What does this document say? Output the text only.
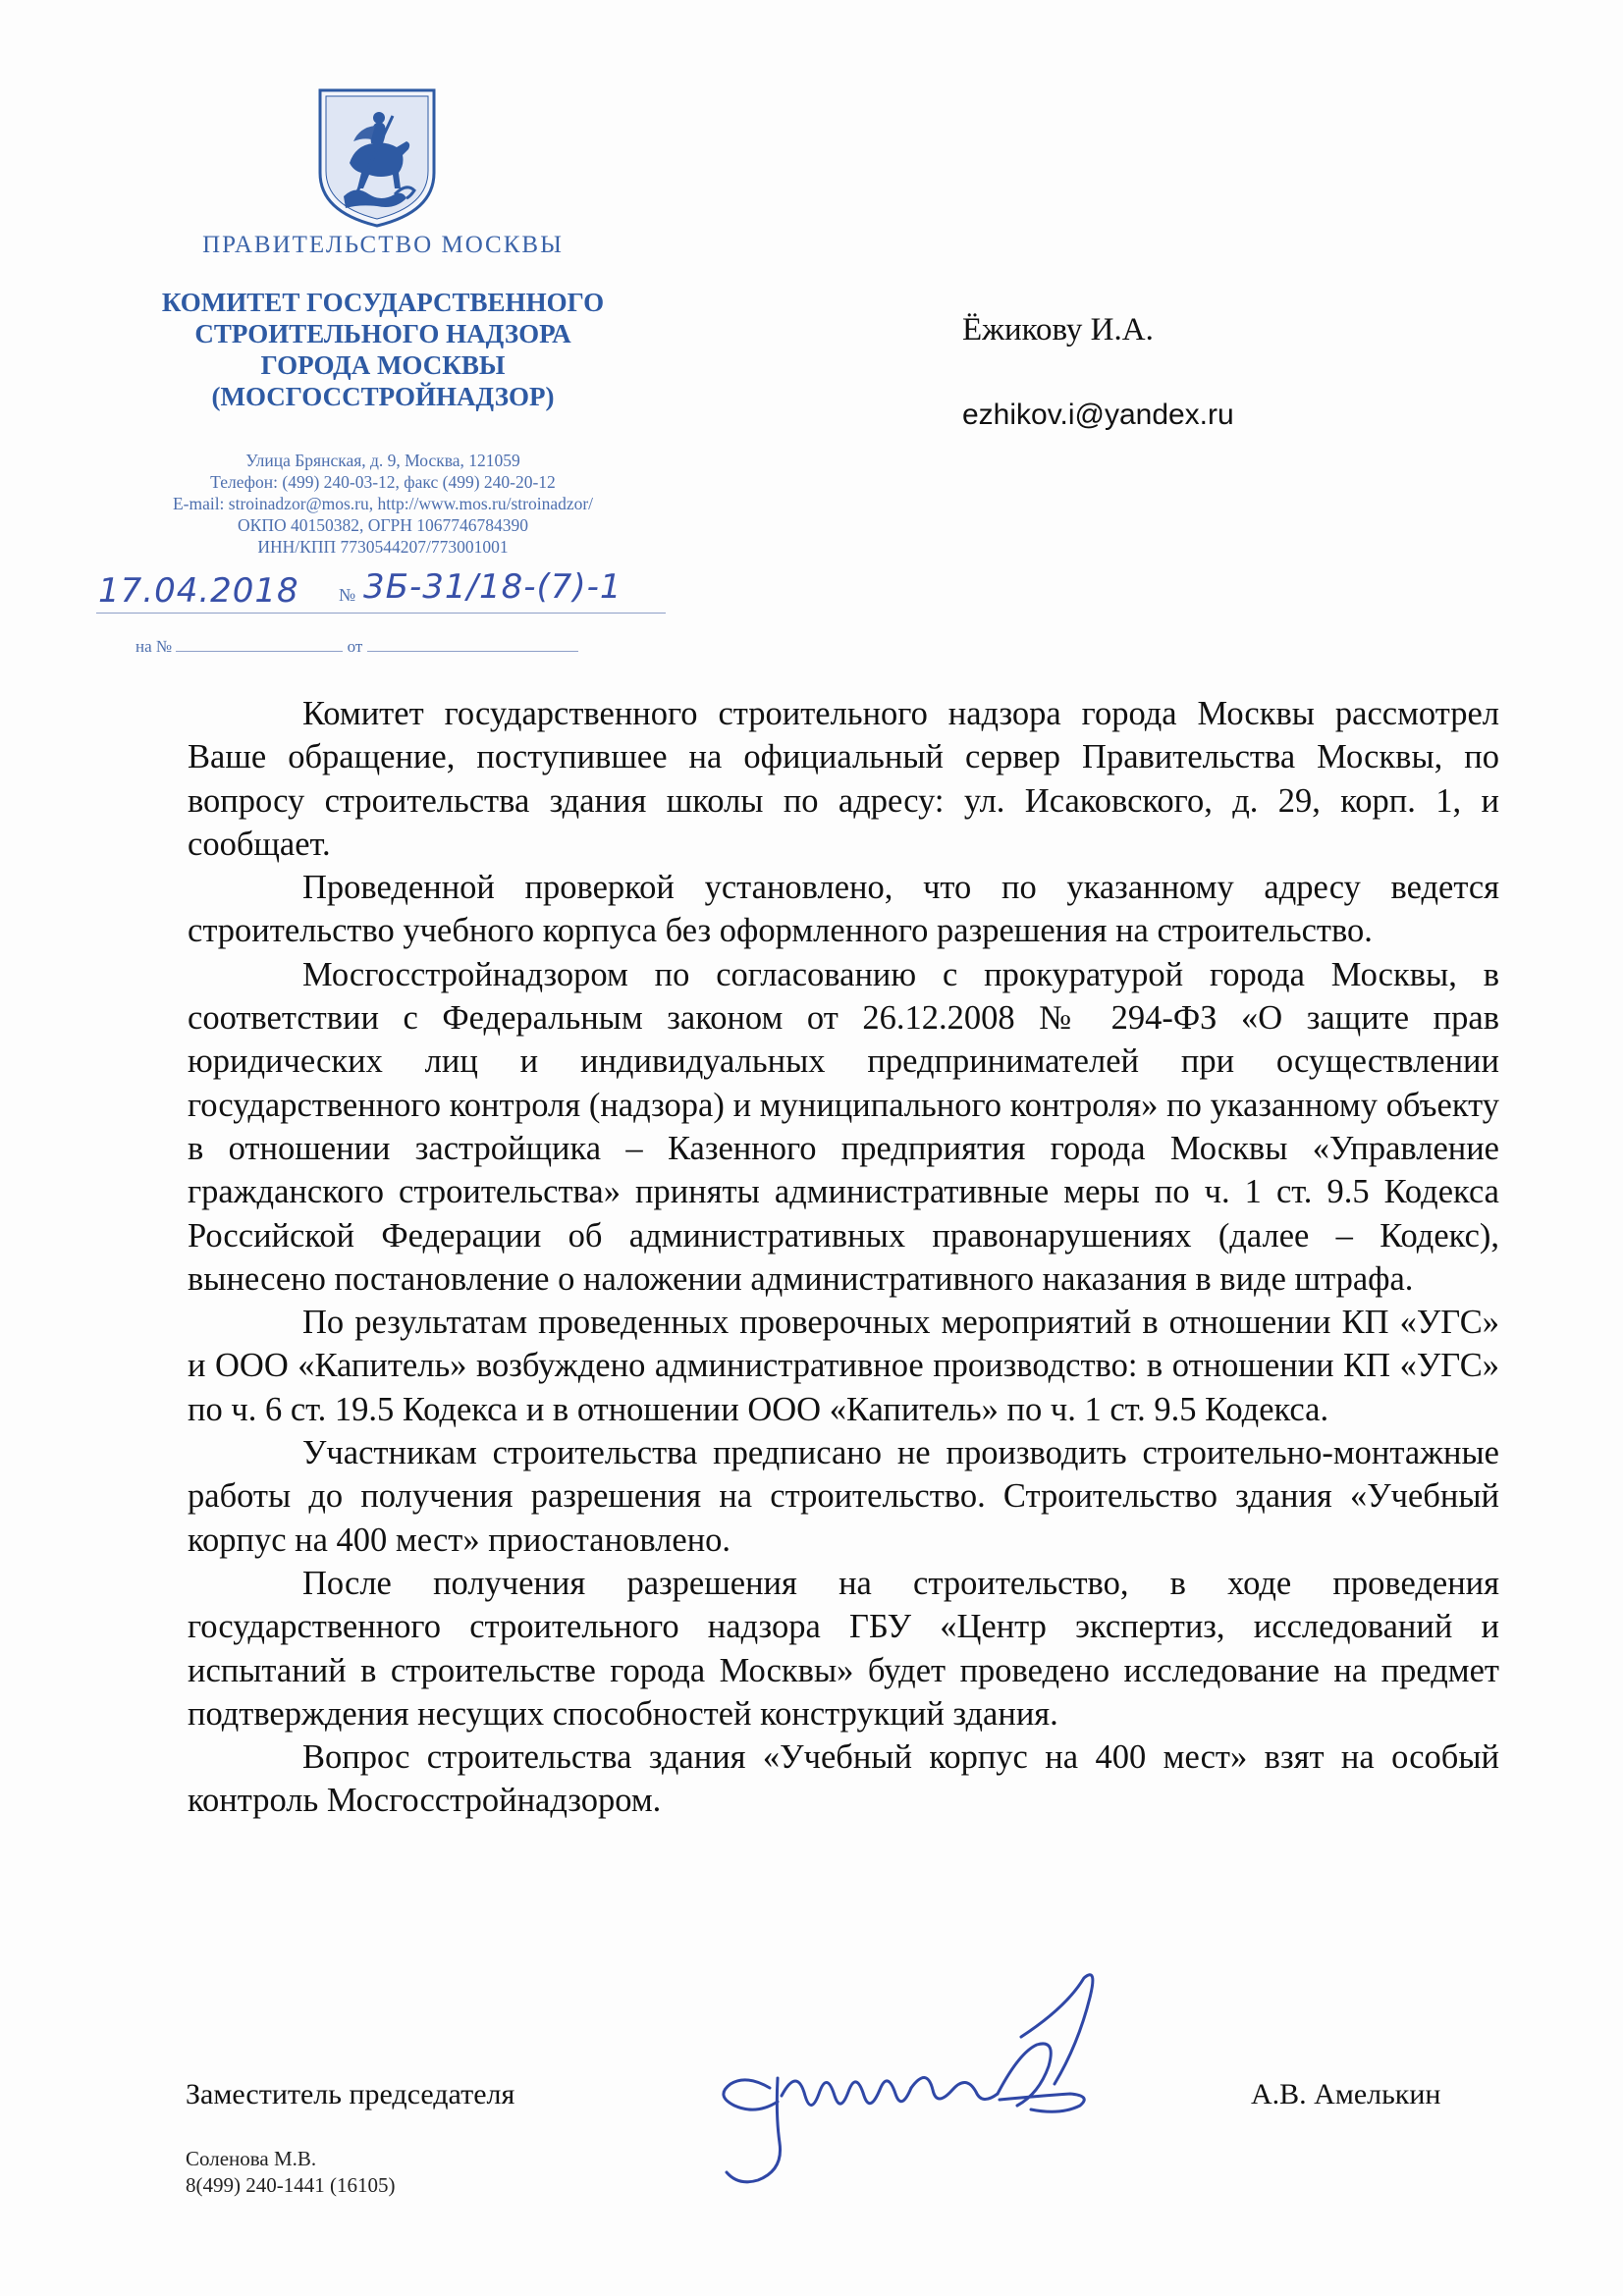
ПРАВИТЕЛЬСТВО МОСКВЫ
КОМИТЕТ ГОСУДАРСТВЕННОГО
СТРОИТЕЛЬНОГО НАДЗОРА
ГОРОДА МОСКВЫ
(МОСГОССТРОЙНАДЗОР)
Улица Брянская, д. 9, Москва, 121059
Телефон: (499) 240-03-12, факс (499) 240-20-12
E-mail: stroinadzor@mos.ru, http://www.mos.ru/stroinadzor/
ОКПО 40150382, ОГРН 1067746784390
ИНН/КПП 7730544207/773001001
17.04.2018 № 3Б-31/18-(7)-1
на №	от
Ёжикову И.А.
ezhikov.i@yandex.ru

Комитет государственного строительного надзора города Москвы рассмотрел Ваше обращение, поступившее на официальный сервер Правительства Москвы, по вопросу строительства здания школы по адресу: ул. Исаковского, д. 29, корп. 1, и сообщает.

Проведенной проверкой установлено, что по указанному адресу ведется строительство учебного корпуса без оформленного разрешения на строительство.

Мосгосстройнадзором по согласованию с прокуратурой города Москвы, в соответствии с Федеральным законом от 26.12.2008 № 294-ФЗ «О защите прав юридических лиц и индивидуальных предпринимателей при осуществлении государственного контроля (надзора) и муниципального контроля» по указанному объекту в отношении застройщика – Казенного предприятия города Москвы «Управление гражданского строительства» приняты административные меры по ч. 1 ст. 9.5 Кодекса Российской Федерации об административных правонарушениях (далее – Кодекс), вынесено постановление о наложении административного наказания в виде штрафа.

По результатам проведенных проверочных мероприятий в отношении КП «УГС» и ООО «Капитель» возбуждено административное производство: в отношении КП «УГС» по ч. 6 ст. 19.5 Кодекса и в отношении ООО «Капитель» по ч. 1 ст. 9.5 Кодекса.

Участникам строительства предписано не производить строительно-монтажные работы до получения разрешения на строительство. Строительство здания «Учебный корпус на 400 мест» приостановлено.

После получения разрешения на строительство, в ходе проведения государственного строительного надзора ГБУ «Центр экспертиз, исследований и испытаний в строительстве города Москвы» будет проведено исследование на предмет подтверждения несущих способностей конструкций здания.

Вопрос строительства здания «Учебный корпус на 400 мест» взят на особый контроль Мосгосстройнадзором.

Заместитель председателя	А.В. Амелькин
Соленова М.В.
8(499) 240-1441 (16105)
